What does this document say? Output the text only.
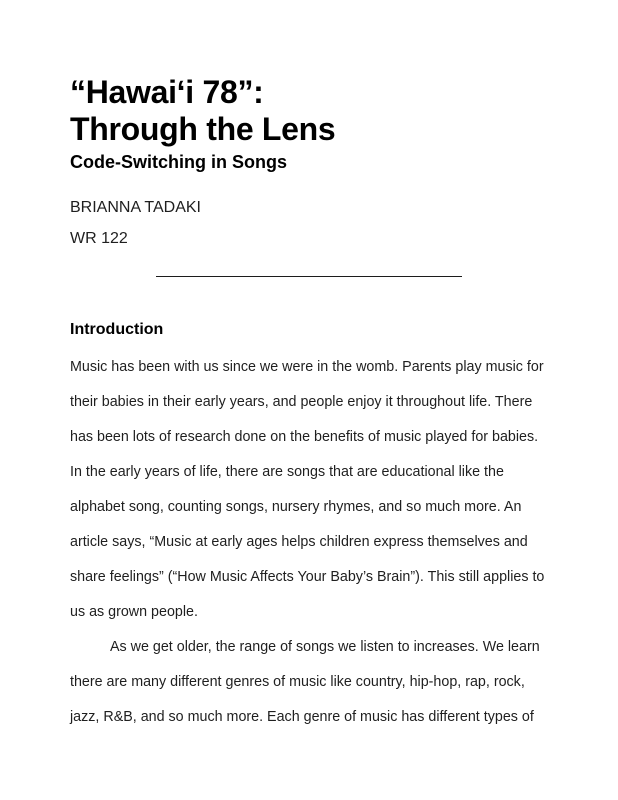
“Hawaiʻi 78”:
Through the Lens
Code-Switching in Songs
BRIANNA TADAKI
WR 122
Introduction
Music has been with us since we were in the womb. Parents play music for
their babies in their early years, and people enjoy it throughout life. There
has been lots of research done on the benefits of music played for babies.
In the early years of life, there are songs that are educational like the
alphabet song, counting songs, nursery rhymes, and so much more. An
article says, “Music at early ages helps children express themselves and
share feelings” (“How Music Affects Your Baby’s Brain”). This still applies to
us as grown people.
As we get older, the range of songs we listen to increases. We learn
there are many different genres of music like country, hip-hop, rap, rock,
jazz, R&B, and so much more. Each genre of music has different types of
